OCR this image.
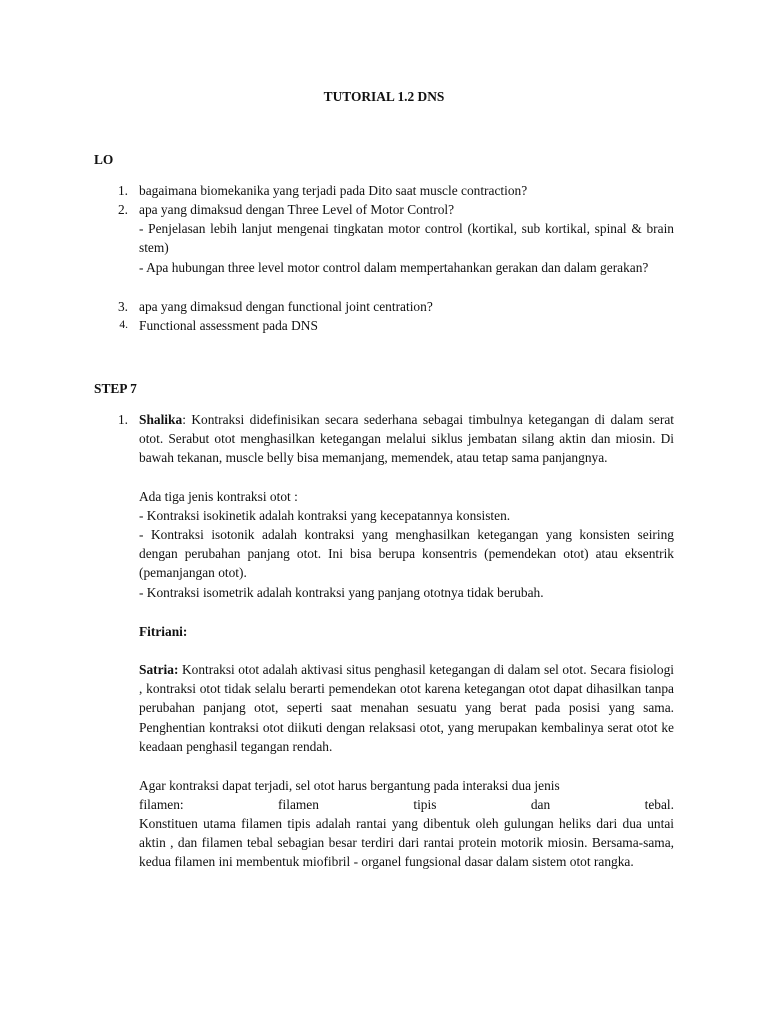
TUTORIAL 1.2 DNS
LO
1. bagaimana biomekanika yang terjadi pada Dito saat muscle contraction?
2. apa yang dimaksud dengan Three Level of Motor Control?
- Penjelasan lebih lanjut mengenai tingkatan motor control (kortikal, sub kortikal, spinal & brain stem)
- Apa hubungan three level motor control dalam mempertahankan gerakan dan dalam gerakan?
3. apa yang dimaksud dengan functional joint centration?
4. Functional assessment pada DNS
STEP 7
1. Shalika: Kontraksi didefinisikan secara sederhana sebagai timbulnya ketegangan di dalam serat otot. Serabut otot menghasilkan ketegangan melalui siklus jembatan silang aktin dan miosin. Di bawah tekanan, muscle belly bisa memanjang, memendek, atau tetap sama panjangnya.
Ada tiga jenis kontraksi otot :
- Kontraksi isokinetik adalah kontraksi yang kecepatannya konsisten.
- Kontraksi isotonik adalah kontraksi yang menghasilkan ketegangan yang konsisten seiring dengan perubahan panjang otot. Ini bisa berupa konsentris (pemendekan otot) atau eksentrik (pemanjangan otot).
- Kontraksi isometrik adalah kontraksi yang panjang ototnya tidak berubah.
Fitriani:
Satria: Kontraksi otot adalah aktivasi situs penghasil ketegangan di dalam sel otot. Secara fisiologi , kontraksi otot tidak selalu berarti pemendekan otot karena ketegangan otot dapat dihasilkan tanpa perubahan panjang otot, seperti saat menahan sesuatu yang berat pada posisi yang sama. Penghentian kontraksi otot diikuti dengan relaksasi otot, yang merupakan kembalinya serat otot ke keadaan penghasil tegangan rendah.
Agar kontraksi dapat terjadi, sel otot harus bergantung pada interaksi dua jenis
filamen: filamen tipis dan tebal.
Konstituen utama filamen tipis adalah rantai yang dibentuk oleh gulungan heliks dari dua untai aktin , dan filamen tebal sebagian besar terdiri dari rantai protein motorik miosin. Bersama-sama, kedua filamen ini membentuk miofibril - organel fungsional dasar dalam sistem otot rangka.
